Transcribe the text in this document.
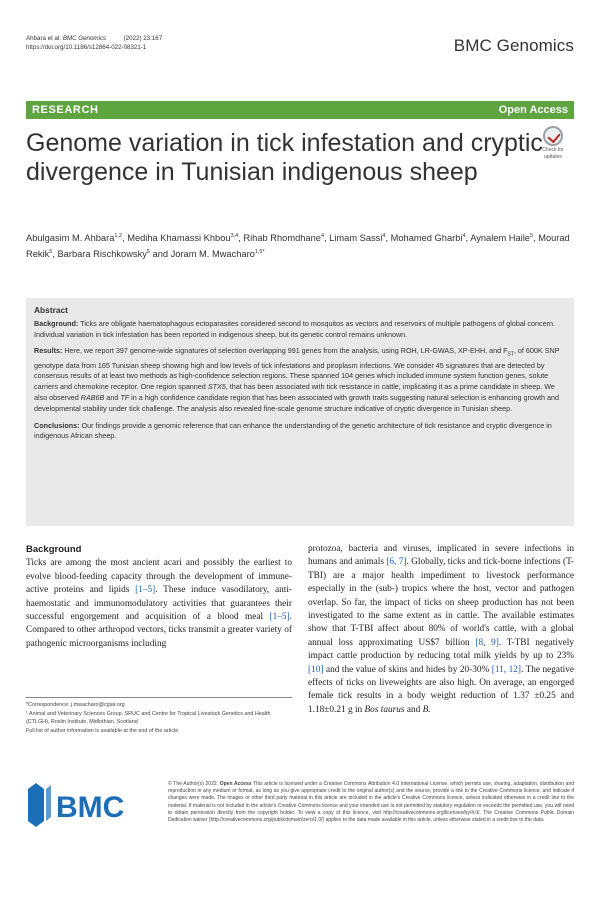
Ahbara et al. BMC Genomics	(2022) 23:167
https://doi.org/10.1186/s12864-022-08321-1	BMC Genomics
RESEARCH	Open Access
Check for
updates
Genome variation in tick infestation and cryptic divergence in Tunisian indigenous sheep
Abulgasim M. Ahbara$^{1,2}$, Mediha Khamassi Khbou$^{3,4}$, Rihab Rhomdhane$^4$, Limam Sassi$^4$, Mohamed Gharbi$^4$, Aynalem Haile$^5$, Mourad Rekik$^5$, Barbara Rischkowsky$^5$ and Joram M. Mwacharo$^{1,5*}$
Abstract

Background: Ticks are obligate haematophagous ectoparasites considered second to mosquitos as vectors and reservoirs of multiple pathogens of global concern. Individual variation in tick infestation has been reported in indigenous sheep, but its genetic control remains unknown.

Results: Here, we report 397 genome-wide signatures of selection overlapping 991 genes from the analysis, using ROH, LR-GWAS, XP-EHH, and $F_{ST}$, of 600K SNP genotype data from 165 Tunisian sheep showing high and low levels of tick infestations and piroplasm infections. We consider 45 signatures that are detected by consensus results of at least two methods as high-confidence selection regions. These spanned 104 genes which included immune system function genes, solute carriers and chemokine receptor. One region spanned STX5, that has been associated with tick resistance in cattle, implicating it as a prime candidate in sheep. We also observed RAB6B and TF in a high confidence candidate region that has been associated with growth traits suggesting natural selection is enhancing growth and developmental stability under tick challenge. The analysis also revealed fine-scale genome structure indicative of cryptic divergence in Tunisian sheep.

Conclusions: Our findings provide a genomic reference that can enhance the understanding of the genetic architecture of tick resistance and cryptic divergence in indigenous African sheep.

Background

Ticks are among the most ancient acari and possibly the earliest to evolve blood-feeding capacity through the development of immune-active proteins and lipids [1–5]. These induce vasodilatory, anti-haemostatic and immunomodulatory activities that guarantees their successful engorgement and acquisition of a blood meal [1–5]. Compared to other arthropod vectors, ticks transmit a greater variety of pathogenic microorganisms including

protozoa, bacteria and viruses, implicated in severe infections in humans and animals [6, 7]. Globally, ticks and tick-borne infections (T-TBI) are a major health impediment to livestock performance especially in the (sub-) tropics where the host, vector and pathogen overlap. So far, the impact of ticks on sheep production has not been investigated to the same extent as in cattle. The available estimates show that T-TBI affect about 80% of world's cattle, with a global annual loss approximating US$7 billion [8, 9]. T-TBI negatively impact cattle production by reducing total milk yields by up to 23% [10] and the value of skins and hides by 20-30% [11, 12]. The negative effects of ticks on liveweights are also high. On average, an engorged female tick results in a body weight reduction of 1.37 ±0.25 and 1.18±0.21 g in Bos taurus and B.

*Correspondence: j.mwacharo@cgiar.org

¹ Animal and Veterinary Sciences Group, SRUC and Centre for Tropical Livestock Genetics and Health (CTLGH), Roslin Institute, Midlothian, Scotland

Full list of author information is available at the end of the article

BMC
© The Author(s) 2022. Open Access This article is licensed under a Creative Commons Attribution 4.0 International License, which permits use, sharing, adaptation, distribution and reproduction in any medium or format, as long as you give appropriate credit to the original author(s) and the source, provide a link to the Creative Commons licence, and indicate if changes were made. The images or other third party material in this article are included in the article's Creative Commons licence, unless indicated otherwise in a credit line to the material. If material is not included in the article's Creative Commons licence and your intended use is not permitted by statutory regulation or exceeds the permitted use, you will need to obtain permission directly from the copyright holder. To view a copy of this licence, visit http://creativecommons.org/licenses/by/4.0/. The Creative Commons Public Domain Dedication waiver (http://creativecommons.org/publicdomain/zero/1.0/) applies to the data made available in this article, unless otherwise stated in a credit line to the data.
